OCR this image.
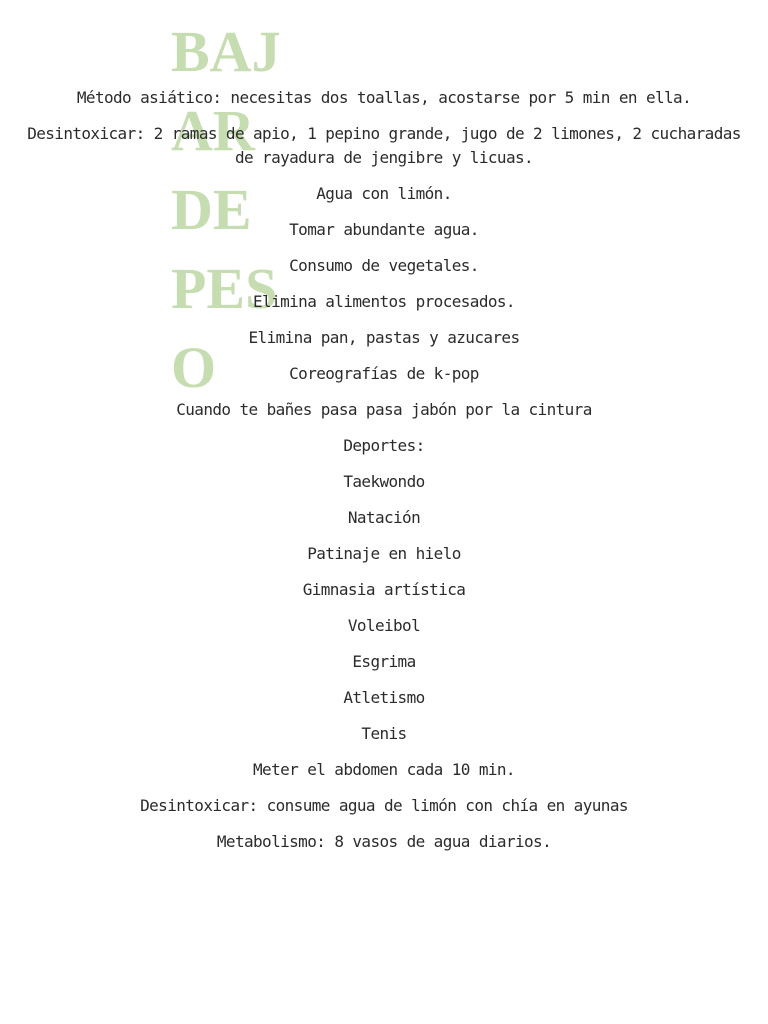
BAJAR DE PESO

Método asiático: necesitas dos toallas, acostarse por 5 min en ella.

Desintoxicar: 2 ramas de apio, 1 pepino grande, jugo de 2 limones, 2 cucharadas de rayadura de jengibre y licuas.

Agua con limón.

Tomar abundante agua.

Consumo de vegetales.

Elimina alimentos procesados.

Elimina pan, pastas y azucares

Coreografías de k-pop

Cuando te bañes pasa pasa jabón por la cintura

Deportes:

Taekwondo

Natación

Patinaje en hielo

Gimnasia artística

Voleibol

Esgrima

Atletismo

Tenis

Meter el abdomen cada 10 min.

Desintoxicar: consume agua de limón con chía en ayunas

Metabolismo: 8 vasos de agua diarios.
